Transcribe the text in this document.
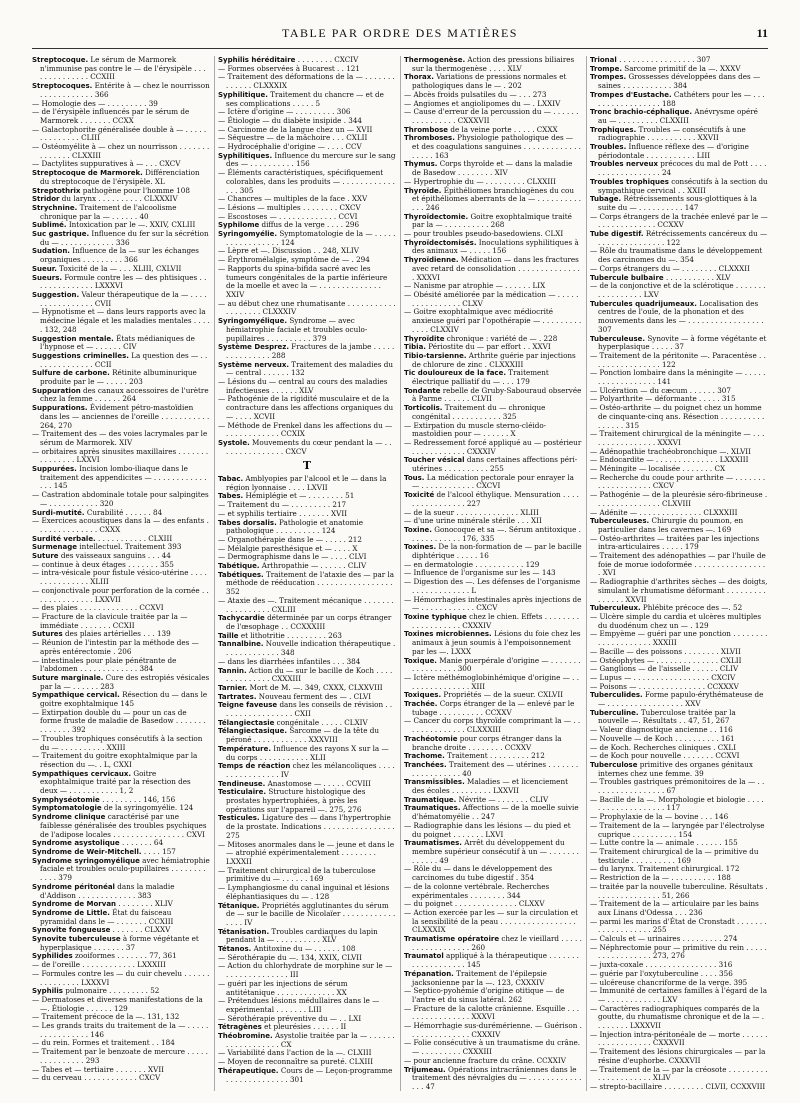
TABLE PAR ORDRE DES MATIÈRES	11

Streptocoque. Le sérum de Marmorek n'immunise pas contre le — de l'érysipèle . . . . . . . . . . . . . . CCXIII

Streptocoques. Entérite à — chez le nourrisson . . . . . . . . . . . . 366

— Homologie des — . . . . . . . . . 39

— de l'érysipèle influencés par le sérum de Marmorek . . . . . . . CCXX

— Galactophorite généralisée double à — . . . . . . . . . . . . . . CLIII

— Ostéomyélite à — chez un nourrisson . . . . . . . . . . . . . . CLXXIII

— Dactylites suppuratives à — . . . CXCV

Streptocoque de Marmorek. Différenciation du streptocoque de l'érysipèle. XL

Streptothrix pathogène pour l'homme 108

Stridor du larynx . . . . . . . . . . CLXXXIV

Strychnine. Traitement de l'alcoolisme chronique par la — . . . . . . 40

Sublimé. Intoxication par le —. XXIV, CXLIII

Suc gastrique. Influence du fer sur la sécrétion du — . . . . . . . . . . . . 336

Sudation. Influence de la — sur les échanges organiques . . . . . . . . . 366

Sueur. Toxicité de la — . . . XLIII, CXLVII

Sueurs. Formule contre les — des phtisiques . . . . . . . . . . . . . . LXXXVI

Suggestion. Valeur thérapeutique de la — . . . . . . . . . . . . . . . . CVII

— Hypnotisme et — dans leurs rapports avec la médecine légale et les maladies mentales . . . . . 132, 248

Suggestion mentale. États médianiques de l'hypnose et — . . . . . . CIV

Suggestions criminelles. La question des — . . . . . . . . . . . . . . CCII

Sulfure de carbone. Rétinite albuminurique produite par le — . . . . . 203

Suppuration des canaux accessoires de l'urètre chez la femme . . . . . . 264

Suppurations. Évidement pétro-mastoïdien dans les — anciennes de l'oreille . . . . . . . . . . . 264, 270

— Traitement des — des voies lacrymales par le sérum de Marmorek. XIV

— orbitaires après sinusites maxillaires . . . . . . . . . . . . . . . LXXVI

Suppurées. Incision lombo-iliaque dans le traitement des appendicites — . . . . . . . . . . . . . . . 145

— Castration abdominale totale pour salpingites — . . . . . . . . . . . 320

Surdi-mutité. Curabilité . . . . . . 84

— Exercices acoustiques dans la — des enfants . . . . . . . . . . . . . . CXXX

Surdité verbale. . . . . . . . . . . . CLXIII

Surmenage intellectuel. Traitement 393

Suture des vaisseaux sanguins . . . 44

— continue à deux étages . . . . . . . 355

— intra-vésicale pour fistule vésico-utérine . . . . . . . . . . . . . . . XLIII

— conjonctivale pour perforation de la cornée . . . . . . . . . . . . . . LXXVII

— des plaies . . . . . . . . . . . . . CCXVI

— Fracture de la clavicule traitée par la — immédiate . . . . . . . CCXII

Sutures des plaies artérielles . . . 139

— Réunion de l'intestin par la méthode des — après entérectomie . 206

— intestinales pour plaie pénétrante de l'abdomen . . . . . . . . . . . . . 384

Suture marginale. Cure des estropiés vésicales par la — . . . . . . 283

Sympathique cervical. Résection du — dans le goitre exophtalmique 145

— Extirpation double du — pour un cas de forme fruste de maladie de Basedow . . . . . . . . . . . . . . 392

— Troubles trophiques consécutifs à la section du — . . . . . . . . . . XXIII

— Traitement du goitre exophtalmique par la résection du —. . L, CXXI

Sympathiques cervicaux. Goitre exophtalmique traité par la résection des deux — . . . . . . . . . . . 1, 2

Symphyséotomie . . . . . . . . . 146, 156

Symptomatologie de la syringomyélie. 124

Syndrome clinique caractérisé par une faiblesse généralisée des troubles psychiques de l'adipose locales . . . . . . . . . . . . . . . . CXVI

Syndrome asystolique . . . . . . . 64

Syndrome de Weir-Mitchell. . . . . 157

Syndrome syringomyélique avec hémiatrophie faciale et troubles oculo-pupillaires . . . . . . . . . . . . 379

Syndrome péritonéal dans la maladie d'Addison . . . . . . . . . . . . . 383

Syndrome de Morvan . . . . . . . . XLIV

Syndrome de Little. État du faisceau pyramidal dans le — . . . . . . . CCXIII

Synovite fongueuse . . . . . . . CLXXV

Synovite tuberculeuse à forme végétante et hyperplasique . . . . . . . 37

Syphilides zooiformes . . . . . . . 77, 361

— de l'oreille . . . . . . . . . . . . LXXXIII

— Formules contre les — du cuir chevelu . . . . . . . . . . . . . . . LXXXVI

Syphilis pulmonaire . . . . . . . . . 52

— Dermatoses et diverses manifestations de la —. Étiologie . . . . . . 129

— Traitement précoce de la —. 131, 132

— Les grands traits du traitement de la — . . . . . . . . . . . . . . . . 146

— du rein. Formes et traitement . . 184

— Traitement par le benzoate de mercure . . . . . . . . . . . . . . . 293

— Tabes et — tertiaire . . . . . . . XVII

— du cerveau . . . . . . . . . . . . CXCV

Syphilis héréditaire . . . . . . . . CXCIV

— Formes observées à Bucarest . . 121

— Traitement des déformations de la — . . . . . . . . . . . . . CLXXXIX

Syphilitique. Traitement du chancre — et de ses complications . . . . . 5

— Ictère d'origine — . . . . . . . . . 306

— Étiologie — du diabète insipide . 344

— Carcinome de la langue chez un — XVII

— Séquestre — de la mâchoire . . . CXLII

— Hydrocéphalie d'origine — . . . . CCV

Syphilitiques. Influence du mercure sur le sang des — . . . . . . . . . . 156

— Éléments caractéristiques, spécifiquement colorables, dans les produits — . . . . . . . . . . . . . . . 305

— Chancres — multiples de la face . XXV

— Lésions — multiples . . . . . . . . CXCV

— Escostoses — . . . . . . . . . . . . . CCVI

Syphilome diffus de la verge . . . . 296

Syringomyélie. Symptomatologie de la — . . . . . . . . . . . . . . . . . 124

— Lèpre et —. Discussion . . 248, XLIV

— Érythromélalgie, symptôme de — . 294

— Rapports du spina-bifida sacré avec les tumeurs congénitales de la partie inférieure de la moelle et avec la — . . . . . . . . . . . . . . XXIV

— au début chez une rhumatisante . . . . . . . . . . . . . . . . . . . CLXXXIV

Syringomyélique. Syndrome — avec hémiatrophie faciale et troubles oculo-pupillaires . . . . . . . . . . 379

Système Desprez. Fractures de la jambe . . . . . . . . . . . . . . . 288

Système nerveux. Traitement des maladies du — central . . . . . . 132

— Lésions du — central au cours des maladies infectieuses . . . . . . XLV

— Pathogénie de la rigidité musculaire et de la contracture dans les affections organiques du — . . . . XCVII

— Méthode de Frenkel dans les affections du — . . . . . . . . . . . . CCXIX

Systole. Mouvements du cœur pendant la — . . . . . . . . . . . . . . . CXCV

T

Tabac. Amblyopies par l'alcool et le — dans la région lyonnaise . . . . LXVII

Tabes. Hémiplégie et — . . . . . . . . 51

— Traitement du — . . . . . . . . . 217

— et syphilis tertiaire . . . . . . . XVII

Tabes dorsalis. Pathologie et anatomie pathologique . . . . . . . . . . 124

— Organothérapie dans le — . . . . . 212

— Mélalgie paresthésique et — . . . . X

— Dermographisme dans le — . . . . CLVI

Tabétique. Arthropathie — . . . . . . CLIV

Tabétiques. Traitement de l'ataxie des — par la méthode de rééducation . . . . . . . . . . . . . . . . . 352

— Ataxie des —. Traitement mécanique . . . . . . . . . . . . . . . . . CXLIII

Tachycardie déterminée par un corps étranger de l'œsophage . . CCXXXIII

Taille et lithotritie . . . . . . . . . 263

Tannalbine. Nouvelle indication thérapeutique . . . . . . . . . . . . . 348

— dans les diarrhées infantiles . . . 384

Tannin. Action du — sur le bacille de Koch . . . . . . . . . . . . . . CXXXIII

Tarnier. Mort de M. —. 349, CXXX, CLXXVIII

Tartrates. Nouveau ferment des — . CLVI

Teigne faveuse dans les conseils de révision . . . . . . . . . . . . . . . . . CXII

Télangiectasie congénitale . . . . . CLXIV

Télangiectasique. Sarcome — de la tête du péroné . . . . . . . . . . . . XXXVIII

Température. Influence des rayons X sur la — du corps . . . . . . . . . . . XLII

Temps de réaction chez les mélancoliques . . . . . . . . . . . . . . . . IV

Tendineuse. Anastomose — . . . . . CCVIII

Testiculaire. Structure histologique des prostates hypertrophiées, à près les opérations sur l'appareil —. 275, 276

Testicules. Ligature des — dans l'hypertrophie de la prostate. Indications . . . . . . . . . . . . . . . . 275

— Mitoses anormales dans le — jeune et dans le — atrophié expérimentalement . . . . . . . . LXXXII

— Traitement chirurgical de la tuberculose primitive du — . . . . . . 169

— Lymphangiosme du canal inguinal et lésions éléphantiasiques du — . 128

Tétanique. Propriétés agglutinantes du sérum de — sur le bacille de Nicolaïer . . . . . . . . . . . . . . . . IV

Tétanisation. Troubles cardiaques du lapin pendant la — . . . . . . . . . . XLV

Tétanos. Antitoxine du — . . . . . . 108

— Sérothérapie du —. 134, XXIX, CLVII

— Action du chlorhydrate de morphine sur le — . . . . . . . . . . . . . . III

— guéri par les injections de sérum antitétanique . . . . . . . . . . . . . XX

— Prétendues lésions médullaires dans le — expérimental . . . . . . . LIII

— Sérothérapie préventive du — . . LXI

Tétragènes et pleurésies . . . . . . II

Théobromine. Asystolie traitée par la — . . . . . . . . . . . . . . . . . . CX

— Variabilité dans l'action de la —. CLXIII

— Moyen de reconnaître sa pureté. CLXIII

Thérapeutique. Cours de — Leçon-programme . . . . . . . . . . . . . . 301

Thermogenèse. Action des pressions biliaires sur la thermogenèse . . . . XLV

Thorax. Variations de pressions normales et pathologiques dans le — . 202

— Abcès froids pulsatiles du — . . . 273

— Angiomes et angiolipomes du — . LXXIV

— Cause d'erreur de la percussion du — . . . . . . . . . . . . . . . . CXXXVII

Thrombose de la veine porte . . . . . CXXX

Thromboses. Physiologie pathologique des — et des coagulations sanguines . . . . . . . . . . . . . . . . . . 163

Thymus. Corps thyroïde et — dans la maladie de Basedow . . . . . . . . XIV

— Hypertrophie du — . . . . . . . . . CLXXIII

Thyroïde. Épithéliomes branchiogènes du cou et épithéliomes aberrants de la — . . . . . . . . . . . . . 246

Thyroïdectomie. Goitre exophtalmique traité par la — . . . . . . . . . . 268

— pour troubles pseudo-basedowiens. CLXI

Thyroïdectomisés. Inoculations syphilitiques à des animaux — . . . . . 156

Thyroïdienne. Médication — dans les fractures avec retard de consolidation . . . . . . . . . . . . . . . XXXVI

— Nanisme par atrophie — . . . . . . LIX

— Obésité améliorée par la médication — . . . . . . . . . . . . . . . . CLXV

— Goitre exophtalmique avec médiocrité anxieuse guéri par l'opothérapie — . . . . . . . . . . . . . CLXXIV

Thyroïdite chronique : variété de — . 228

Tibia. Périostite du — par effort . . XXVI

Tibio-tarsienne. Arthrite guérie par injections de chlorure de zinc . CLXXXIII

Tic douloureux de la face. Traitement électrique palliatif du — . . . 179

Tondante rebelle de Gruby-Sabouraud observée à Parme . . . . . . CLVII

Torticolis. Traitement du — chronique congénital . . . . . . . . . . . 325

— Extirpation du muscle sterno-cléido-mastoïdien pour — . . . . . . X

— Redressement forcé appliqué au — postérieur . . . . . . . . . . . . CXXXIV

Toucher vésical dans certaines affections péri-utérines . . . . . . . . . . 255

Tous. La médication pectorale pour enrayer la — . . . . . . . . . . . . CXCVI

Toxicité de l'alcool éthylique. Mensuration . . . . . . . . . . . . . . . . 227

— de la sueur . . . . . . . . . . . . . . XLIII

— d'une urine minérale stérile . . . XII

Toxine. Gonocoque et sa —. Sérum antitoxique . . . . . . . . . . . . 176, 335

Toxines. De la non-formation de — par le bacille diphtérique . . . . . 16

— en dermatologie . . . . . . . . . . . 129

— Influence de l'organisme sur les — 143

— Digestion des —. Les défenses de l'organisme . . . . . . . . . . . . . L

— Hémorrhagies intestinales après injections de — . . . . . . . . . . . . CXCV

Toxine typhique chez le chien. Effets . . . . . . . . . . . . . . . . . . . CXXXIV

Toxines microbiennes. Lésions du foie chez les animaux à jeun soumis à l'empoisonnement par les —. LXXX

Toxique. Manie puerpérale d'origine — . . . . . . . . . . . . . . . . . 300

— Ictère méthémoglobinhémique d'origine — . . . . . . . . . . . . . . . XIII

Toxiques. Propriétés — de la sueur. CXLVII

Trachée. Corps étranger de la — enlevé par le tubage . . . . . . . . . . CCXXV

— Cancer du corps thyroïde comprimant la — . . . . . . . . . . . . . . CLXXXIII

Trachéotomie pour corps étranger dans la branche droite . . . . . . . . CCXXV

Trachome. Traitement . . . . . . . . . 212

Tranchées. Traitement des — utérines . . . . . . . . . . . . . . . . . . 40

Transmissibles. Maladies — et licenciement des écoles . . . . . . . . . LXXVII

Traumatique. Névrite — . . . . . . . CLIV

Traumatiques. Affections — de la moelle suivie d'hématomyélie . . 247

— Radiographie dans les lésions — du pied et du poignet . . . . . . . LXVI

Traumatismes. Arrêt du développement du membre supérieur consécutif à un — . . . . . . . . . . . . . 49

— Rôle du — dans le développement des carcinomes du tube digestif . 354

— de la colonne vertébrale. Recherches expérimentales . . . . . . . . 344

— du poignet . . . . . . . . . . . . . . CLXXV

— Action exercée par les — sur la circulation et la sensibilité de la peau . . . . . . . . . . . . . . . . . CLXXXIX

Traumatisme opératoire chez le vieillard . . . . . . . . . . . . . . . . . . 260

Traumatol appliqué à la thérapeutique . . . . . . . . . . . . . . . . . . . 145

Trépanation. Traitement de l'épilepsie jacksonienne par la —. 123, CXXXIV

— Septico-pyohémie d'origine otitique — de l'antre et du sinus latéral. 262

— Fracture de la calotte crânienne. Esquille . . . . . . . . . . . . . . . . XXXVI

— Hémorrhagie sus-durémérienne. — Guérison . . . . . . . . . . . . . . CXXXIV

— Folie consécutive à un traumatisme du crâne. — . . . . . . . . . CXXXIII

— pour ancienne fracture du crâne. CCXXIV

Trijumeau. Opérations intracrâniennes dans le traitement des névralgies du — . . . . . . . . . . . . . . . 47

Trional . . . . . . . . . . . . . . . . . 307

Trompe. Sarcome primitif de la —. XXXV

Trompes. Grossesses développées dans des — saines . . . . . . . . . . . 384

Trompes d'Eustache. Cathéters pour les — . . . . . . . . . . . . . . . . . 188

Tronc brachio-céphalique. Anévrysme opéré au — . . . . . . . . . CLXXIII

Trophiques. Troubles — consécutifs à une radiographie . . . . . . . . . . . XXVII

Troubles. Influence réflexe des — d'origine périodontale . . . . . . . . . . . LIII

Troubles nerveux précoces du mal de Pott . . . . . . . . . . . . . . . . . . 24

Troubles trophiques consécutifs à la section du sympathique cervical . . XXIII

Tubage. Rétrécissements sous-glottiques à la suite du — . . . . . . . . . . 147

— Corps étrangers de la trachée enlevé par le — . . . . . . . . . . . . . CCXXV

Tube digestif. Rétrécissements cancéreux du — . . . . . . . . . . . . . . . 122

— Rôle du traumatisme dans le développement des carcinomes du —. 354

— Corps étrangers du — . . . . . . . . CLXXXII

Tubercule bulbaire . . . . . . . . . . . XLV

— de la conjonctive et de la sclérotique . . . . . . . . . . . . . . . . . LXV

Tubercules quadrijumeaux. Localisation des centres de l'ouïe, de la phonation et des mouvements dans les — . . . . . . . . . . . . . . . . . 307

Tuberculeuse. Synovite — à forme végétante et hyperplasique . . . . . 37

— Traitement de la péritonite —. Paracentèse . . . . . . . . . . . . . . . . 122

— Ponction lombaire dans la méningite — . . . . . . . . . . . . . . . . . . 141

— Ulcération — du cæcum . . . . . . 307

— Polyarthrite — déformante . . . . . 315

— Ostéo-arthrite — du poignet chez un homme de cinquante-cinq ans. Résection . . . . . . . . . . . . . . . . 315

— Traitement chirurgical de la méningite — . . . . . . . . . . . . . . . . XXXVI

— Adénopathie trachéobronchique —. XLVII

— Endocardite — . . . . . . . . . . . . . . LXXXIII

— Méningite — localisée . . . . . . . CX

— Recherche du coude pour arthrite — . . . . . . . . . . . . . . . . . . . CXCV

— Pathogénie — de la pleurésie séro-fibrineuse . . . . . . . . . . . . . . . CLXVIII

— Adénite — . . . . . . . . . . . . . . CLXXXIII

Tuberculeuses. Chirurgie du poumon, en particulier dans les cavernes —. 169

— Ostéo-arthrites — traitées par les injections intra-articulaires . . . . . 179

— Traitement des adénopathies — par l'huile de foie de morue iodoformée . . . . . . . . . . . . . . . . . XVI

— Radiographie d'arthrites sèches — des doigts, simulant le rhumatisme déformant . . . . . . . . . . . . . . . XXVII

Tuberculeux. Phlébite précoce des —. 52

— Ulcère simple du cardia et ulcères multiples du duodénum chez un — . 129

— Empyème — guéri par une ponction . . . . . . . . . . . . . . . . . . . . XXXIII

— Bacille — des poissons . . . . . . . . XLVII

— Ostéophytes — . . . . . . . . . . . . . . CXLII

— Ganglions — de l'aisselle . . . . . . CLIV

— Lupus — . . . . . . . . . . . . . . . . . CXCIV

— Poisons — . . . . . . . . . . . . . . . CCXXXV

Tuberculides. Forme papulo-érythémateuse de — . . . . . . . . . . . . . . . . . XXV

Tuberculine. Tuberculose traitée par la nouvelle —. Résultats . . 47, 51, 267

— Valeur diagnostique ancienne . . 116

— Nouvelle — de Koch . . . . . . . . . . 161

— de Koch. Recherches cliniques . CXLI

— de Koch pour nouvelle . . . . . . . CCXVI

Tuberculose primitive des organes génitaux internes chez une femme. 39

— Troubles gastriques prémonitoires de la — . . . . . . . . . . . . . . . . . 67

— Bacille de la —. Morphologie et biologie . . . . . . . . . . . . . . . . . . . 117

— Prophylaxie de la — bovine . . . 146

— Traitement de la — laryngée par l'électrolyse cuprique . . . . . . . . . . 154

— Lutte contre la — animale . . . . . . 155

— Traitement chirurgical de la — primitive du testicule . . . . . . . . . . 169

— du larynx. Traitement chirurgical. 172

— Restriction de la — . . . . . . . . . . 188

— traitée par la nouvelle tuberculine. Résultats . . . . . . . . . . . . . . . 51, 266

— Traitement de la — articulaire par les bains aux Linans d'Odessa . . . 236

— parmi les marins d'État de Cronstadt . . . . . . . . . . . . . . . . . . . 255

— Calculs et — urinaires . . . . . . . . . 274

— Néphrectomie pour — primitive du rein . . . . . . . . . . . . . . . . . 273, 276

— juxta-coxale . . . . . . . . . . . . . . . . 316

— guérie par l'oxytuberculine . . . . 356

— ulcéreuse chancriforme de la verge. 395

— Immunité de certaines familles à l'égard de la — . . . . . . . . . . . . LXV

— Caractères radiographiques comparés de la goutte, du rhumatisme chronique et de la — . . . . . . . . LXXXVII

— Injection intra-péritonéale de — morte . . . . . . . . . . . . . . . . . . CXXXVII

— Traitement des lésions chirurgicales — par la résine d'euphorbe. CXXXVII

— Traitement de la — par la créosote . . . . . . . . . . . . . . . . . . . . . XLIV

— strepto-bacillaire . . . . . . . . . CLVII, CCXXVIII
